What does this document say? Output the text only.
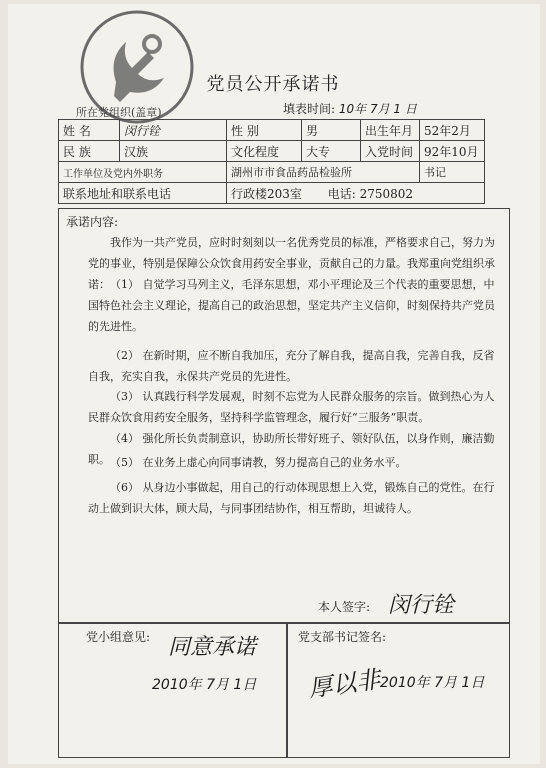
党员公开承诺书
所在党组织(盖章)	填表时间: 10年 7月 1 日
姓 名	闵行铨	性 别	男	出生年月	52年2月
民 族	汉族	文化程度	大专	入党时间	92年10月
工作单位及党内外职务		湖州市市食品药品检验所			书记
联系地址和联系电话		行政楼203室 电话: 2750802			
承诺内容:
我作为一共产党员，应时时刻刻以一名优秀党员的标准，严格要求自己，努力为党的事业，特别是保障公众饮食用药安全事业，贡献自己的力量。我郑重向党组织承诺： （1） 自觉学习马列主义，毛泽东思想，邓小平理论及三个代表的重要思想，中国特色社会主义理论，提高自己的政治思想，坚定共产主义信仰，时刻保持共产党员的先进性。
（2） 在新时期，应不断自我加压，充分了解自我，提高自我，完善自我，反省自我，充实自我，永保共产党员的先进性。
（3） 认真践行科学发展观，时刻不忘党为人民群众服务的宗旨。做到热心为人民群众饮食用药安全服务，坚持科学监管理念，履行好“三服务”职责。
（4） 强化所长负责制意识，协助所长带好班子、领好队伍，以身作则，廉洁勤职。 （5） 在业务上虚心向同事请教，努力提高自己的业务水平。
（6） 从身边小事做起，用自己的行动体现思想上入党，锻炼自己的党性。在行动上做到识大体，顾大局，与同事团结协作，相互帮助，坦诚待人。
本人签字: 闵行铨
党小组意见: 同意承诺
2010年 7月 1日
党支部书记签名:
厚以非
2010年 7月 1日
